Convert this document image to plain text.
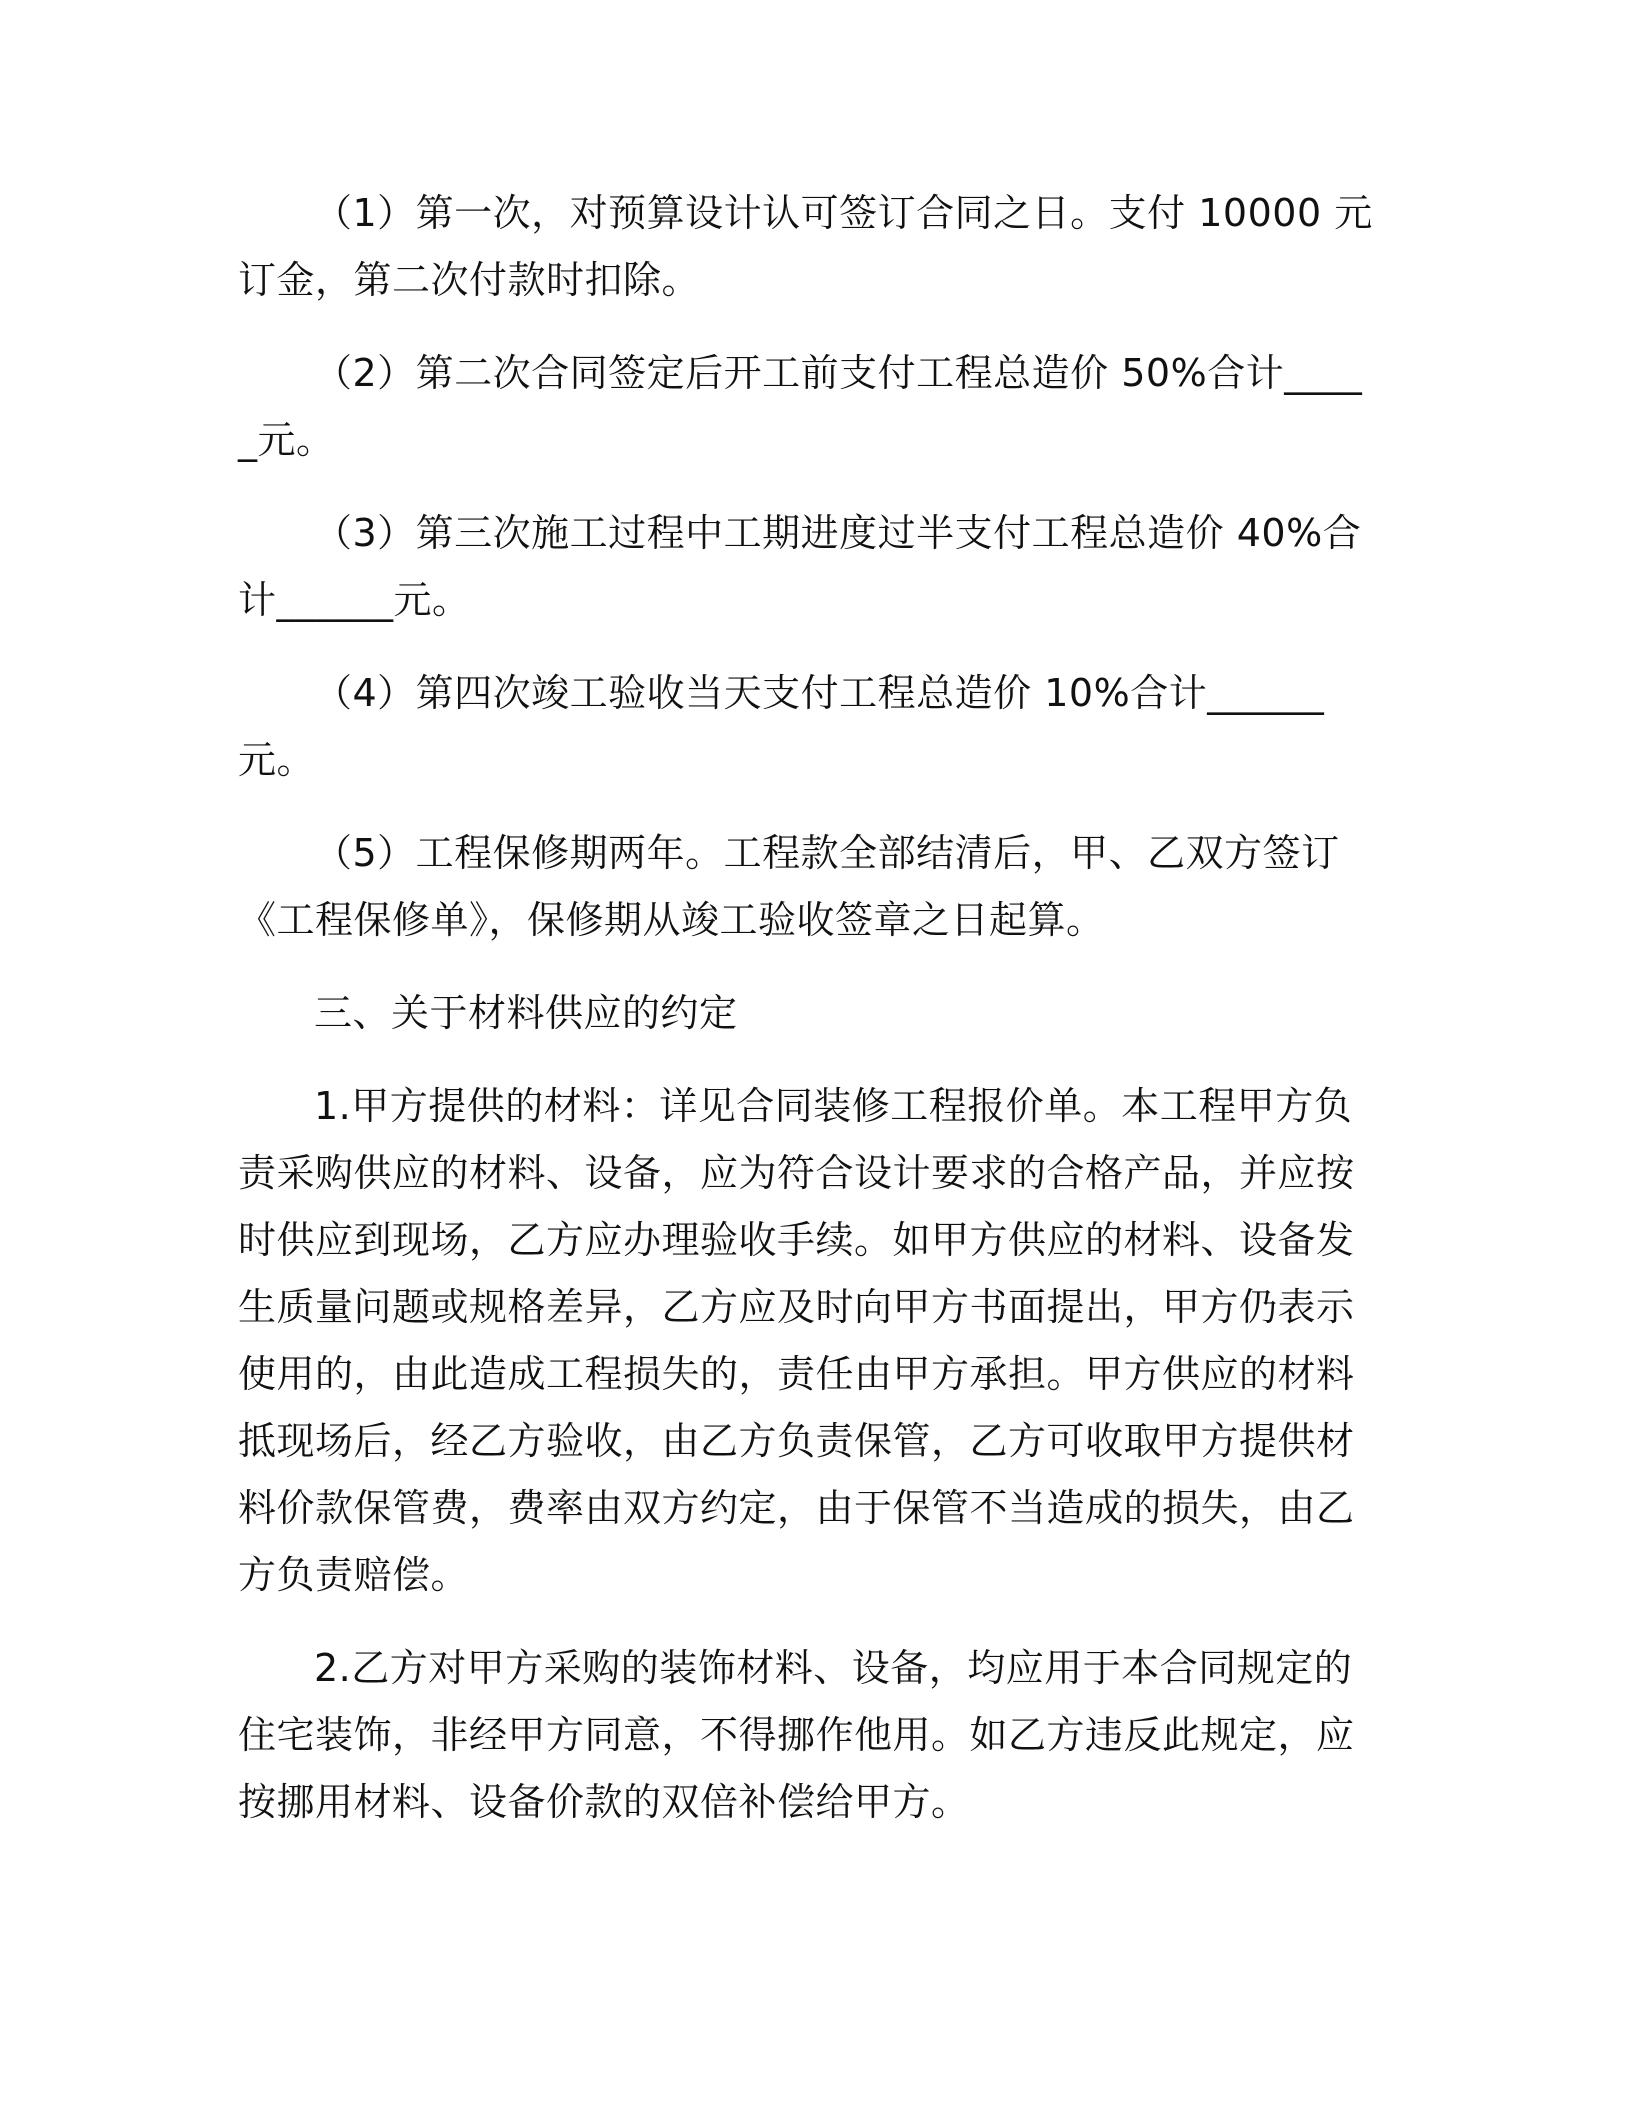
（1）第一次，对预算设计认可签订合同之日。支付 10000 元订金，第二次付款时扣除。

（2）第二次合同签定后开工前支付工程总造价 50%合计_____元。

（3）第三次施工过程中工期进度过半支付工程总造价 40%合计______元。

（4）第四次竣工验收当天支付工程总造价 10%合计______元。

（5）工程保修期两年。工程款全部结清后，甲、乙双方签订《工程保修单》，保修期从竣工验收签章之日起算。

三、关于材料供应的约定

1.甲方提供的材料：详见合同装修工程报价单。本工程甲方负责采购供应的材料、设备，应为符合设计要求的合格产品，并应按时供应到现场，乙方应办理验收手续。如甲方供应的材料、设备发生质量问题或规格差异，乙方应及时向甲方书面提出，甲方仍表示使用的，由此造成工程损失的，责任由甲方承担。甲方供应的材料抵现场后，经乙方验收，由乙方负责保管，乙方可收取甲方提供材料价款保管费，费率由双方约定，由于保管不当造成的损失，由乙方负责赔偿。

2.乙方对甲方采购的装饰材料、设备，均应用于本合同规定的住宅装饰，非经甲方同意，不得挪作他用。如乙方违反此规定，应按挪用材料、设备价款的双倍补偿给甲方。
